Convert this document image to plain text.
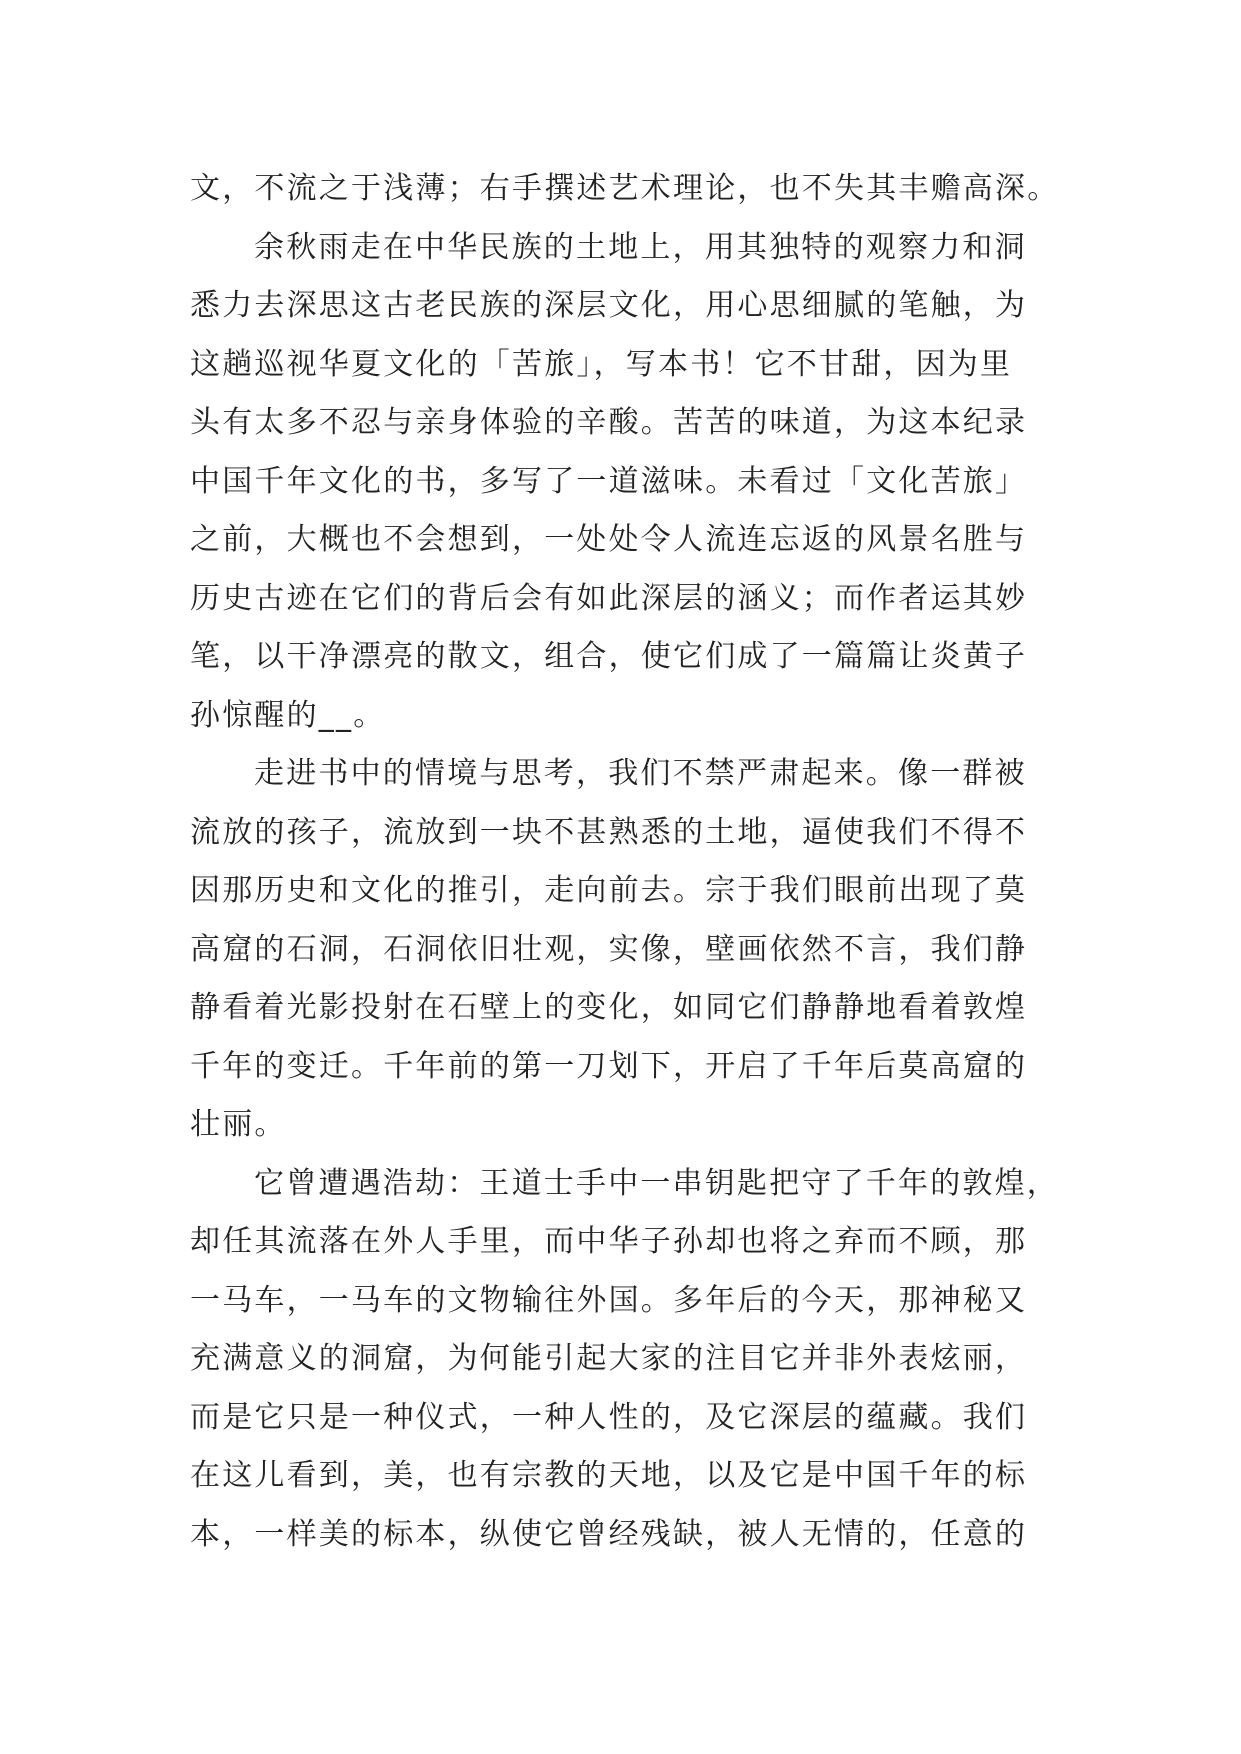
文，不流之于浅薄；右手撰述艺术理论，也不失其丰赡高深。
余秋雨走在中华民族的土地上，用其独特的观察力和洞
悉力去深思这古老民族的深层文化，用心思细腻的笔触，为
这趟巡视华夏文化的「苦旅」，写本书！它不甘甜，因为里
头有太多不忍与亲身体验的辛酸。苦苦的味道，为这本纪录
中国千年文化的书，多写了一道滋味。未看过「文化苦旅」
之前，大概也不会想到，一处处令人流连忘返的风景名胜与
历史古迹在它们的背后会有如此深层的涵义；而作者运其妙
笔，以干净漂亮的散文，组合，使它们成了一篇篇让炎黄子
孙惊醒的__。
走进书中的情境与思考，我们不禁严肃起来。像一群被
流放的孩子，流放到一块不甚熟悉的土地，逼使我们不得不
因那历史和文化的推引，走向前去。宗于我们眼前出现了莫
高窟的石洞，石洞依旧壮观，实像，壁画依然不言，我们静
静看着光影投射在石壁上的变化，如同它们静静地看着敦煌
千年的变迁。千年前的第一刀划下，开启了千年后莫高窟的
壮丽。
它曾遭遇浩劫：王道士手中一串钥匙把守了千年的敦煌，
却任其流落在外人手里，而中华子孙却也将之弃而不顾，那
一马车，一马车的文物输往外国。多年后的今天，那神秘又
充满意义的洞窟，为何能引起大家的注目它并非外表炫丽，
而是它只是一种仪式，一种人性的，及它深层的蕴藏。我们
在这儿看到，美，也有宗教的天地，以及它是中国千年的标
本，一样美的标本，纵使它曾经残缺，被人无情的，任意的
